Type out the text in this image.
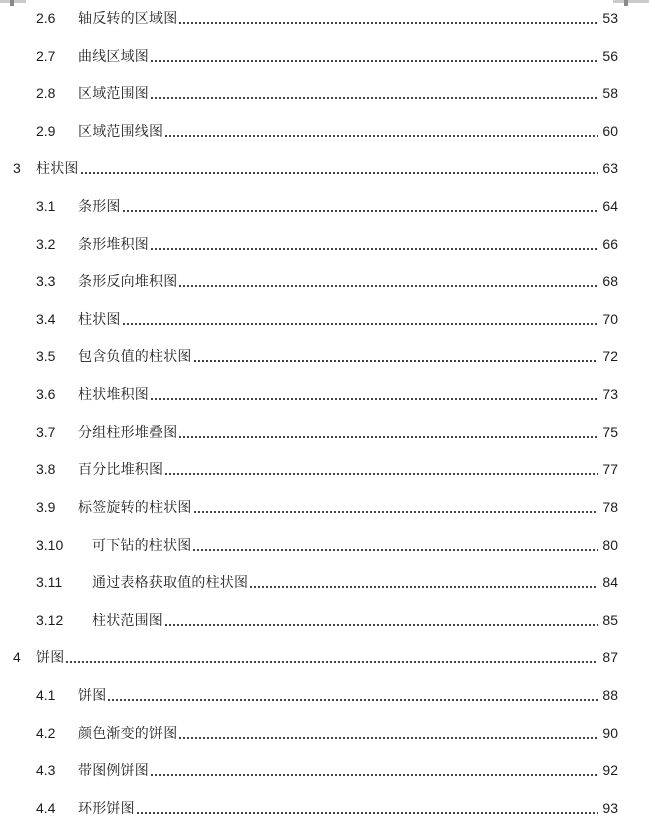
2.6	轴反转的区域图	53
2.7	曲线区域图	56
2.8	区域范围图	58
2.9	区域范围线图	60
3	柱状图	63
3.1	条形图	64
3.2	条形堆积图	66
3.3	条形反向堆积图	68
3.4	柱状图	70
3.5	包含负值的柱状图	72
3.6	柱状堆积图	73
3.7	分组柱形堆叠图	75
3.8	百分比堆积图	77
3.9	标签旋转的柱状图	78
3.10	可下钻的柱状图	80
3.11	通过表格获取值的柱状图	84
3.12	柱状范围图	85
4	饼图	87
4.1	饼图	88
4.2	颜色渐变的饼图	90
4.3	带图例饼图	92
4.4	环形饼图	93
